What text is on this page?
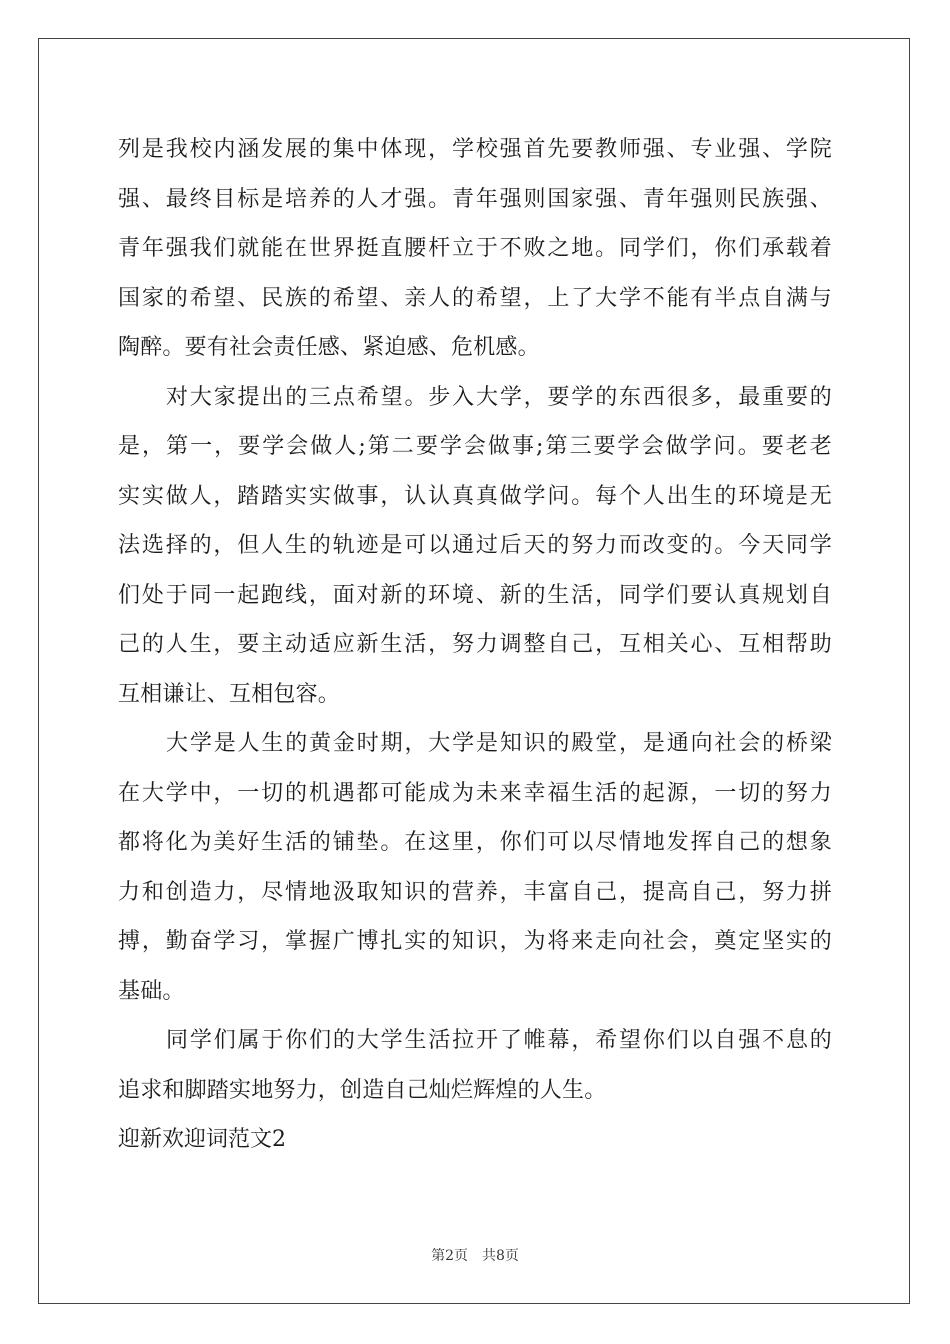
列是我校内涵发展的集中体现，学校强首先要教师强、专业强、学院
强、最终目标是培养的人才强。青年强则国家强、青年强则民族强、
青年强我们就能在世界挺直腰杆立于不败之地。同学们，你们承载着
国家的希望、民族的希望、亲人的希望，上了大学不能有半点自满与
陶醉。要有社会责任感、紧迫感、危机感。
对大家提出的三点希望。步入大学，要学的东西很多，最重要的
是，第一，要学会做人;第二要学会做事;第三要学会做学问。要老老
实实做人，踏踏实实做事，认认真真做学问。每个人出生的环境是无
法选择的，但人生的轨迹是可以通过后天的努力而改变的。今天同学
们处于同一起跑线，面对新的环境、新的生活，同学们要认真规划自
己的人生，要主动适应新生活，努力调整自己，互相关心、互相帮助
互相谦让、互相包容。
大学是人生的黄金时期，大学是知识的殿堂，是通向社会的桥梁
在大学中，一切的机遇都可能成为未来幸福生活的起源，一切的努力
都将化为美好生活的铺垫。在这里，你们可以尽情地发挥自己的想象
力和创造力，尽情地汲取知识的营养，丰富自己，提高自己，努力拼
搏，勤奋学习，掌握广博扎实的知识，为将来走向社会，奠定坚实的
基础。
同学们属于你们的大学生活拉开了帷幕，希望你们以自强不息的
追求和脚踏实地努力，创造自己灿烂辉煌的人生。
迎新欢迎词范文2
第2页 共8页
